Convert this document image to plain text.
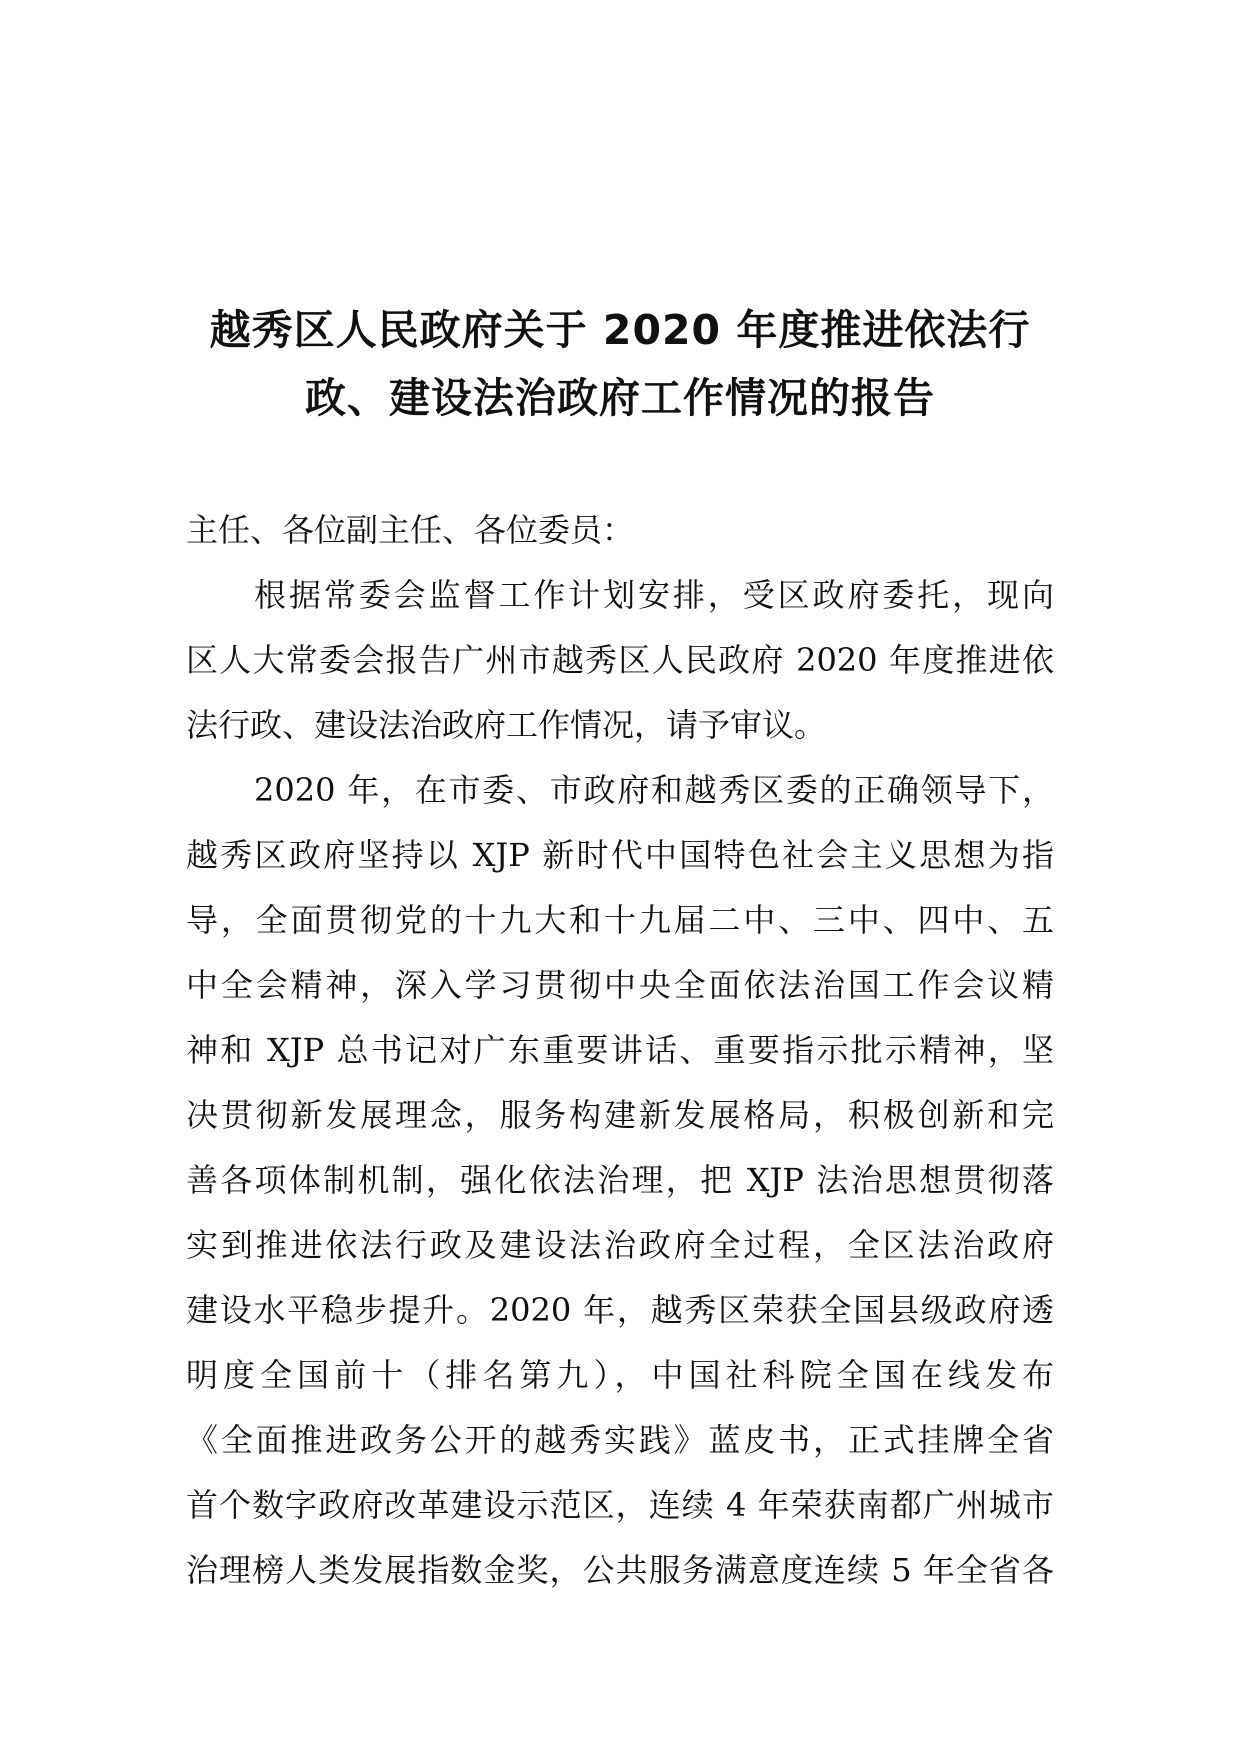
越秀区人民政府关于 2020 年度推进依法行
政、建设法治政府工作情况的报告
主任、各位副主任、各位委员：
根据常委会监督工作计划安排，受区政府委托，现向
区人大常委会报告广州市越秀区人民政府 2020 年度推进依
法行政、建设法治政府工作情况，请予审议。
2020 年，在市委、市政府和越秀区委的正确领导下，
越秀区政府坚持以 XJP 新时代中国特色社会主义思想为指
导，全面贯彻党的十九大和十九届二中、三中、四中、五
中全会精神，深入学习贯彻中央全面依法治国工作会议精
神和 XJP 总书记对广东重要讲话、重要指示批示精神，坚
决贯彻新发展理念，服务构建新发展格局，积极创新和完
善各项体制机制，强化依法治理，把 XJP 法治思想贯彻落
实到推进依法行政及建设法治政府全过程，全区法治政府
建设水平稳步提升。2020 年，越秀区荣获全国县级政府透
明度全国前十（排名第九），中国社科院全国在线发布
《全面推进政务公开的越秀实践》蓝皮书，正式挂牌全省
首个数字政府改革建设示范区，连续 4 年荣获南都广州城市
治理榜人类发展指数金奖，公共服务满意度连续 5 年全省各
